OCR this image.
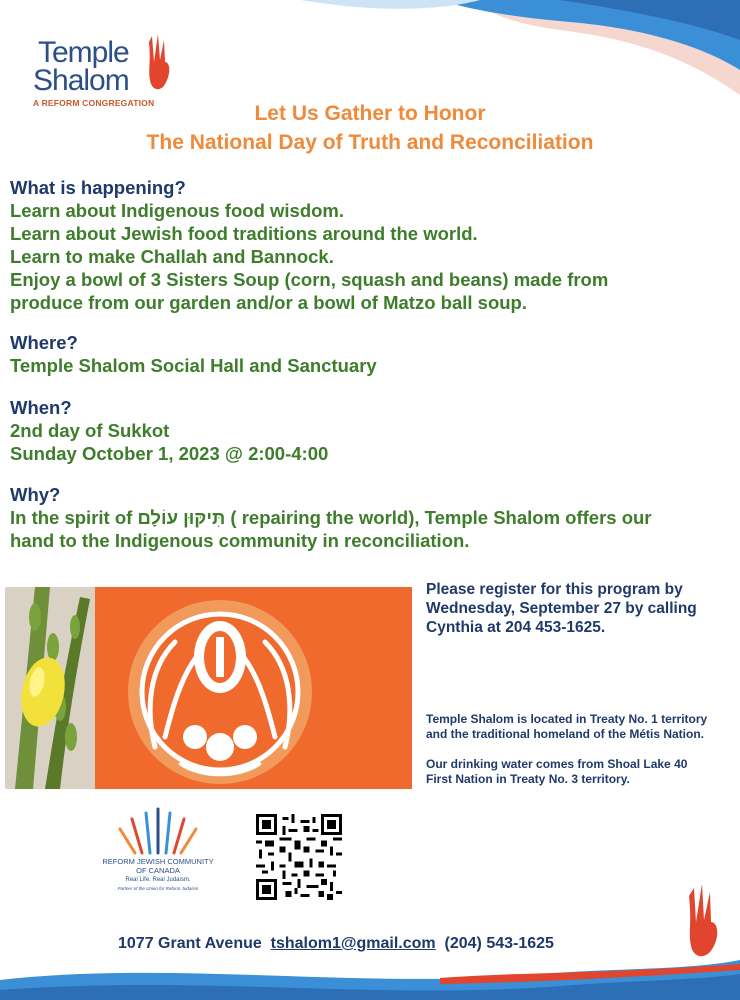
Temple
Shalom
A REFORM CONGREGATION	Let Us Gather to Honor
The National Day of Truth and Reconciliation
What is happening?
Learn about Indigenous food wisdom.
Learn about Jewish food traditions around the world.
Learn to make Challah and Bannock.
Enjoy a bowl of 3 Sisters Soup (corn, squash and beans) made from
produce from our garden and/or a bowl of Matzo ball soup.
Where?
Temple Shalom Social Hall and Sanctuary
When?
2nd day of Sukkot
Sunday October 1, 2023 @ 2:00-4:00
Why?
In the spirit of תִּיקּוּן עוֹלָם ( repairing the world), Temple Shalom offers our
hand to the Indigenous community in reconciliation.
Please register for this program by
Wednesday, September 27 by calling
Cynthia at 204 453-1625.
Temple Shalom is located in Treaty No. 1 territory
and the traditional homeland of the Métis Nation.
Our drinking water comes from Shoal Lake 40
First Nation in Treaty No. 3 territory.
REFORM JEWISH COMMUNITY
OF CANADA
Real Life. Real Judaism.
Partner of the Union for Reform Judaism
1077 Grant Avenue tshalom1@gmail.com (204) 543-1625
